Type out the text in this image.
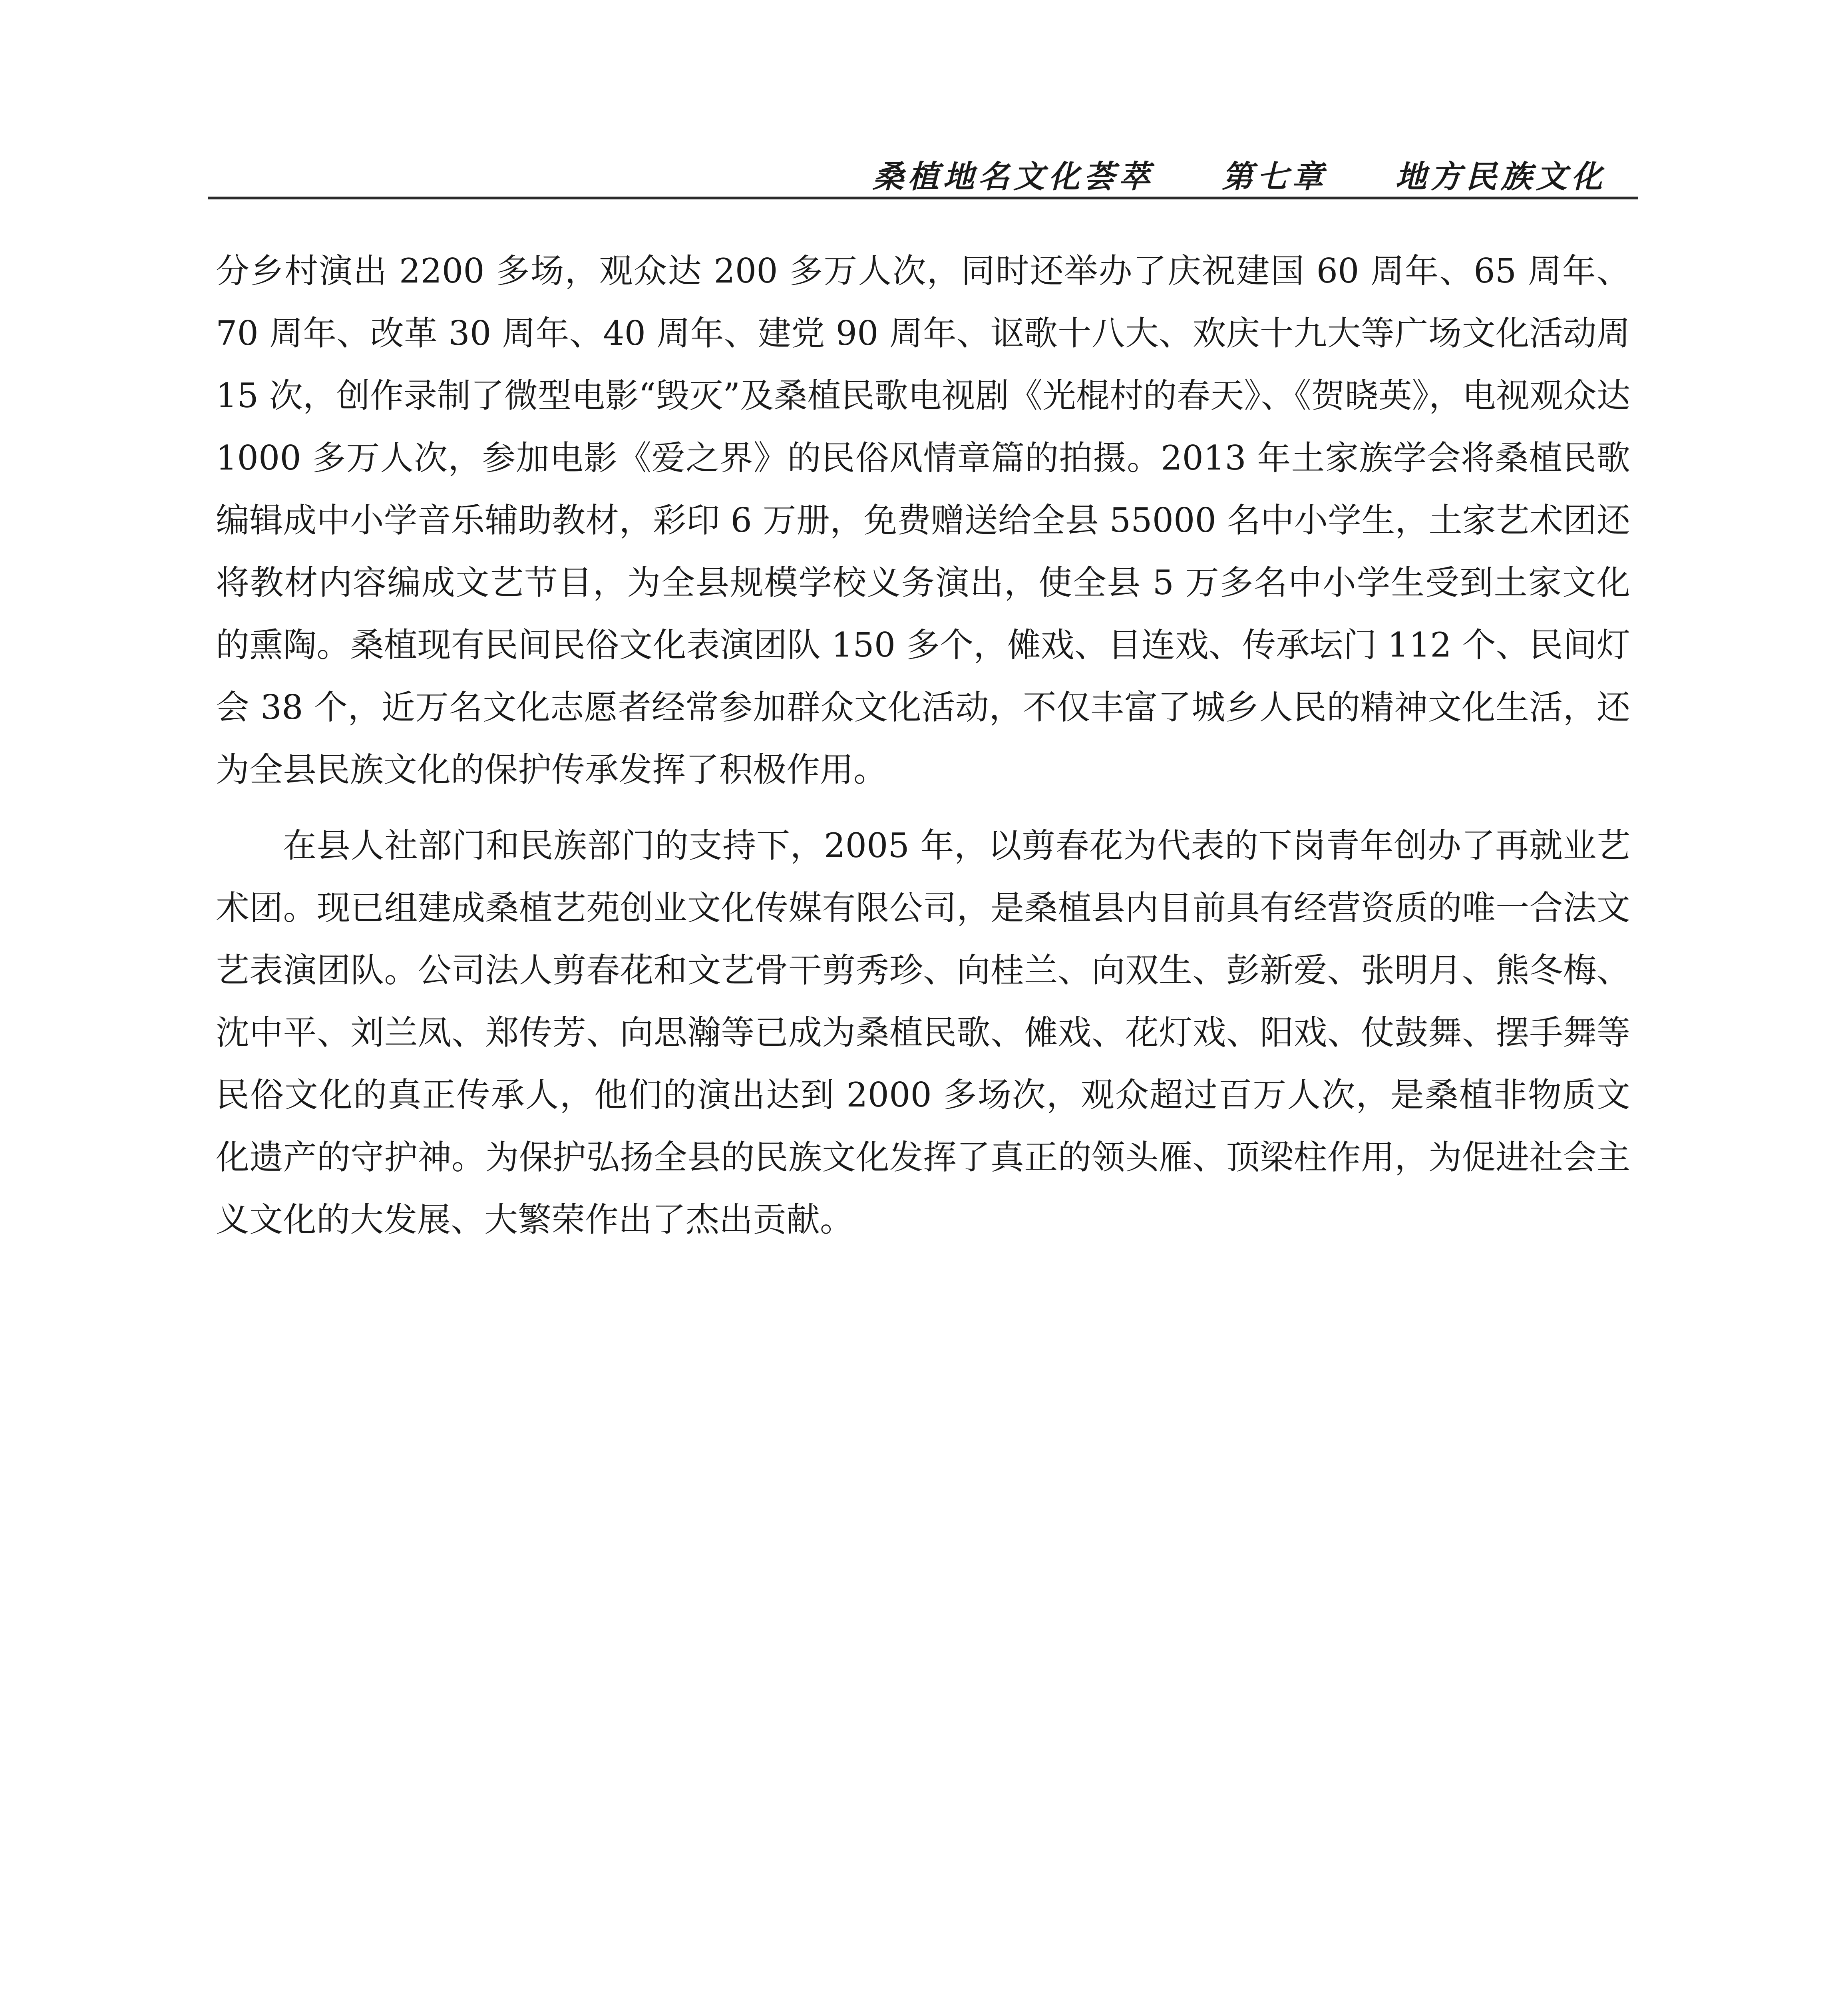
桑植地名文化荟萃 第七章 地方民族文化

分乡村演出 2200 多场，观众达 200 多万人次，同时还举办了庆祝建国 60 周年、65 周年、70 周年、改革 30 周年、40 周年、建党 90 周年、讴歌十八大、欢庆十九大等广场文化活动周 15 次，创作录制了微型电影“毁灭”及桑植民歌电视剧《光棍村的春天》、《贺晓英》，电视观众达 1000 多万人次，参加电影《爱之界》的民俗风情章篇的拍摄。2013 年土家族学会将桑植民歌编辑成中小学音乐辅助教材，彩印 6 万册，免费赠送给全县 55000 名中小学生，土家艺术团还将教材内容编成文艺节目，为全县规模学校义务演出，使全县 5 万多名中小学生受到土家文化的熏陶。桑植现有民间民俗文化表演团队 150 多个，傩戏、目连戏、传承坛门 112 个、民间灯会 38 个，近万名文化志愿者经常参加群众文化活动，不仅丰富了城乡人民的精神文化生活，还为全县民族文化的保护传承发挥了积极作用。

在县人社部门和民族部门的支持下，2005 年，以剪春花为代表的下岗青年创办了再就业艺术团。现已组建成桑植艺苑创业文化传媒有限公司，是桑植县内目前具有经营资质的唯一合法文艺表演团队。公司法人剪春花和文艺骨干剪秀珍、向桂兰、向双生、彭新爱、张明月、熊冬梅、沈中平、刘兰凤、郑传芳、向思瀚等已成为桑植民歌、傩戏、花灯戏、阳戏、仗鼓舞、摆手舞等民俗文化的真正传承人，他们的演出达到 2000 多场次，观众超过百万人次，是桑植非物质文化遗产的守护神。为保护弘扬全县的民族文化发挥了真正的领头雁、顶梁柱作用，为促进社会主义文化的大发展、大繁荣作出了杰出贡献。
